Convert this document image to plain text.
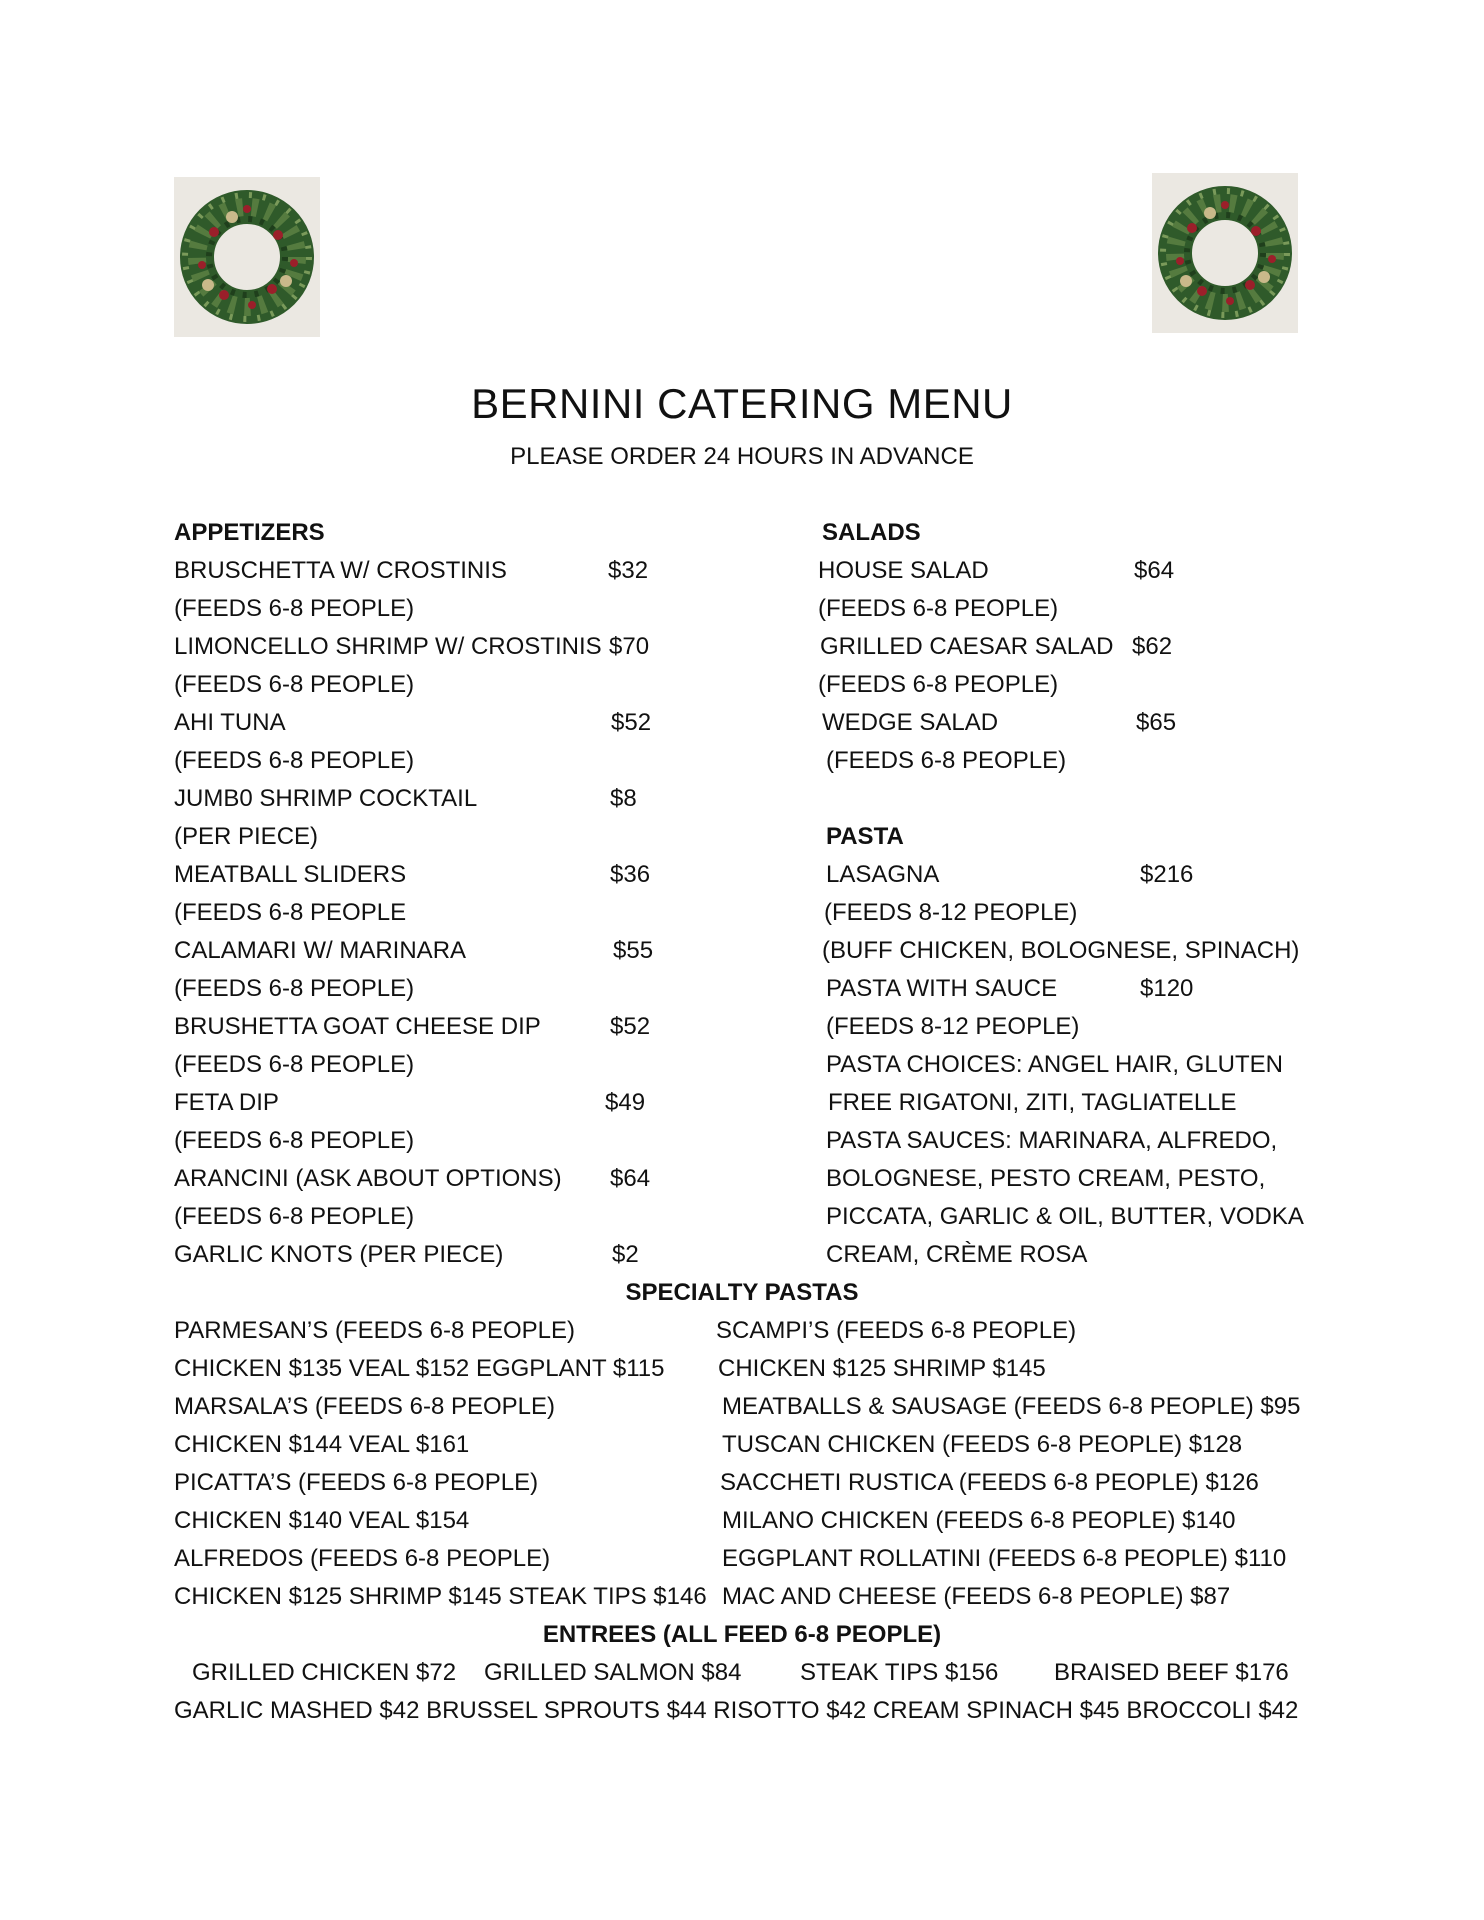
BERNINI CATERING MENU
PLEASE ORDER 24 HOURS IN ADVANCE
APPETIZERS
BRUSCHETTA W/ CROSTINIS	$32
(FEEDS 6-8 PEOPLE)
LIMONCELLO SHRIMP W/ CROSTINIS $70
(FEEDS 6-8 PEOPLE)
AHI TUNA	$52
(FEEDS 6-8 PEOPLE)
JUMB0 SHRIMP COCKTAIL	$8
(PER PIECE)
MEATBALL SLIDERS	$36
(FEEDS 6-8 PEOPLE
CALAMARI W/ MARINARA	$55
(FEEDS 6-8 PEOPLE)
BRUSHETTA GOAT CHEESE DIP	$52
(FEEDS 6-8 PEOPLE)
FETA DIP	$49
(FEEDS 6-8 PEOPLE)
ARANCINI (ASK ABOUT OPTIONS) $64
(FEEDS 6-8 PEOPLE)
GARLIC KNOTS (PER PIECE)	$2
SALADS
HOUSE SALAD	$64
(FEEDS 6-8 PEOPLE)
GRILLED CAESAR SALAD $62
(FEEDS 6-8 PEOPLE)
WEDGE SALAD	$65
(FEEDS 6-8 PEOPLE)
PASTA
LASAGNA	$216
(FEEDS 8-12 PEOPLE)
(BUFF CHICKEN, BOLOGNESE, SPINACH)
PASTA WITH SAUCE	$120
(FEEDS 8-12 PEOPLE)
PASTA CHOICES: ANGEL HAIR, GLUTEN
FREE RIGATONI, ZITI, TAGLIATELLE
PASTA SAUCES: MARINARA, ALFREDO,
BOLOGNESE, PESTO CREAM, PESTO,
PICCATA, GARLIC & OIL, BUTTER, VODKA
CREAM, CRÈME ROSA
SPECIALTY PASTAS
PARMESAN’S (FEEDS 6-8 PEOPLE)
CHICKEN $135 VEAL $152 EGGPLANT $115
MARSALA’S (FEEDS 6-8 PEOPLE)
CHICKEN $144 VEAL $161
PICATTA’S (FEEDS 6-8 PEOPLE)
CHICKEN $140 VEAL $154
ALFREDOS (FEEDS 6-8 PEOPLE)
CHICKEN $125 SHRIMP $145 STEAK TIPS $146
SCAMPI’S (FEEDS 6-8 PEOPLE)
CHICKEN $125 SHRIMP $145
MEATBALLS & SAUSAGE (FEEDS 6-8 PEOPLE) $95
TUSCAN CHICKEN (FEEDS 6-8 PEOPLE) $128
SACCHETI RUSTICA (FEEDS 6-8 PEOPLE) $126
MILANO CHICKEN (FEEDS 6-8 PEOPLE) $140
EGGPLANT ROLLATINI (FEEDS 6-8 PEOPLE) $110
MAC AND CHEESE (FEEDS 6-8 PEOPLE) $87
ENTREES (ALL FEED 6-8 PEOPLE)
GRILLED CHICKEN $72 GRILLED SALMON $84 STEAK TIPS $156 BRAISED BEEF $176
GARLIC MASHED $42 BRUSSEL SPROUTS $44 RISOTTO $42 CREAM SPINACH $45 BROCCOLI $42
